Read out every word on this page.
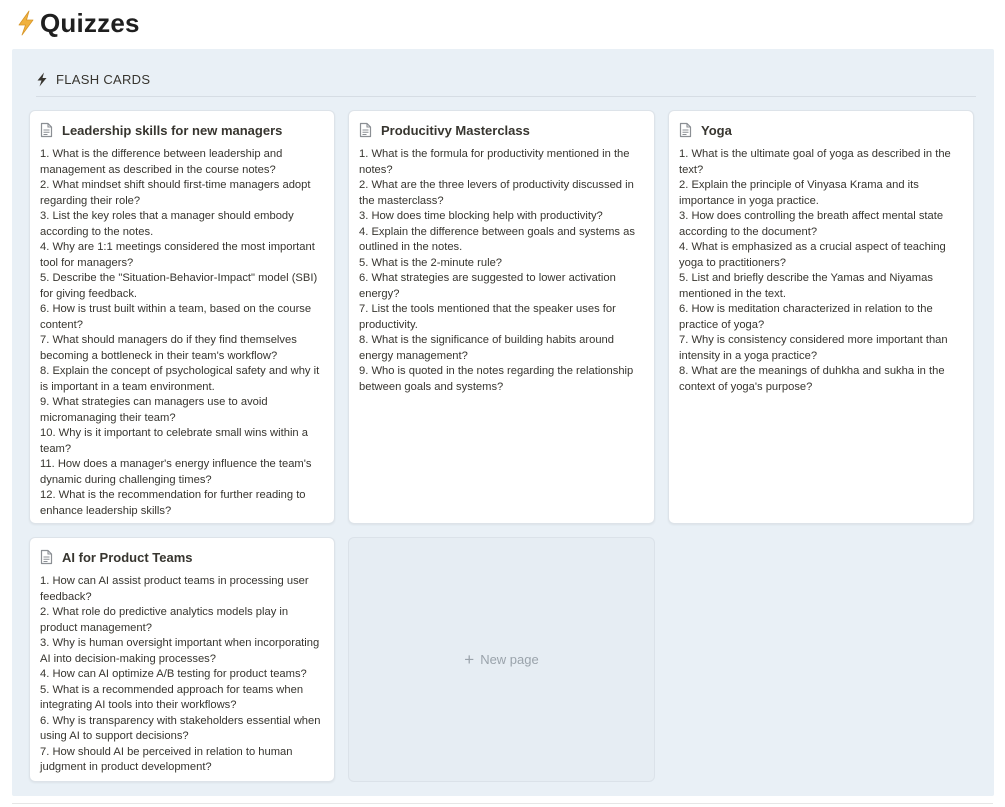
Quizzes
FLASH CARDS
Leadership skills for new managers

1. What is the difference between leadership and management as described in the course notes?

2. What mindset shift should first-time managers adopt regarding their role?

3. List the key roles that a manager should embody according to the notes.

4. Why are 1:1 meetings considered the most important tool for managers?

5. Describe the "Situation-Behavior-Impact" model (SBI) for giving feedback.

6. How is trust built within a team, based on the course content?

7. What should managers do if they find themselves becoming a bottleneck in their team's workflow?

8. Explain the concept of psychological safety and why it is important in a team environment.

9. What strategies can managers use to avoid micromanaging their team?

10. Why is it important to celebrate small wins within a team?

11. How does a manager's energy influence the team's dynamic during challenging times?

12. What is the recommendation for further reading to enhance leadership skills?

Producitivy Masterclass

1. What is the formula for productivity mentioned in the notes?

2. What are the three levers of productivity discussed in the masterclass?

3. How does time blocking help with productivity?

4. Explain the difference between goals and systems as outlined in the notes.

5. What is the 2-minute rule?

6. What strategies are suggested to lower activation energy?

7. List the tools mentioned that the speaker uses for productivity.

8. What is the significance of building habits around energy management?

9. Who is quoted in the notes regarding the relationship between goals and systems?

Yoga

1. What is the ultimate goal of yoga as described in the text?

2. Explain the principle of Vinyasa Krama and its importance in yoga practice.

3. How does controlling the breath affect mental state according to the document?

4. What is emphasized as a crucial aspect of teaching yoga to practitioners?

5. List and briefly describe the Yamas and Niyamas mentioned in the text.

6. How is meditation characterized in relation to the practice of yoga?

7. Why is consistency considered more important than intensity in a yoga practice?

8. What are the meanings of duhkha and sukha in the context of yoga's purpose?

AI for Product Teams

1. How can AI assist product teams in processing user feedback?

2. What role do predictive analytics models play in product management?

3. Why is human oversight important when incorporating AI into decision-making processes?

4. How can AI optimize A/B testing for product teams?

5. What is a recommended approach for teams when integrating AI tools into their workflows?

6. Why is transparency with stakeholders essential when using AI to support decisions?

7. How should AI be perceived in relation to human judgment in product development?

+ New page
